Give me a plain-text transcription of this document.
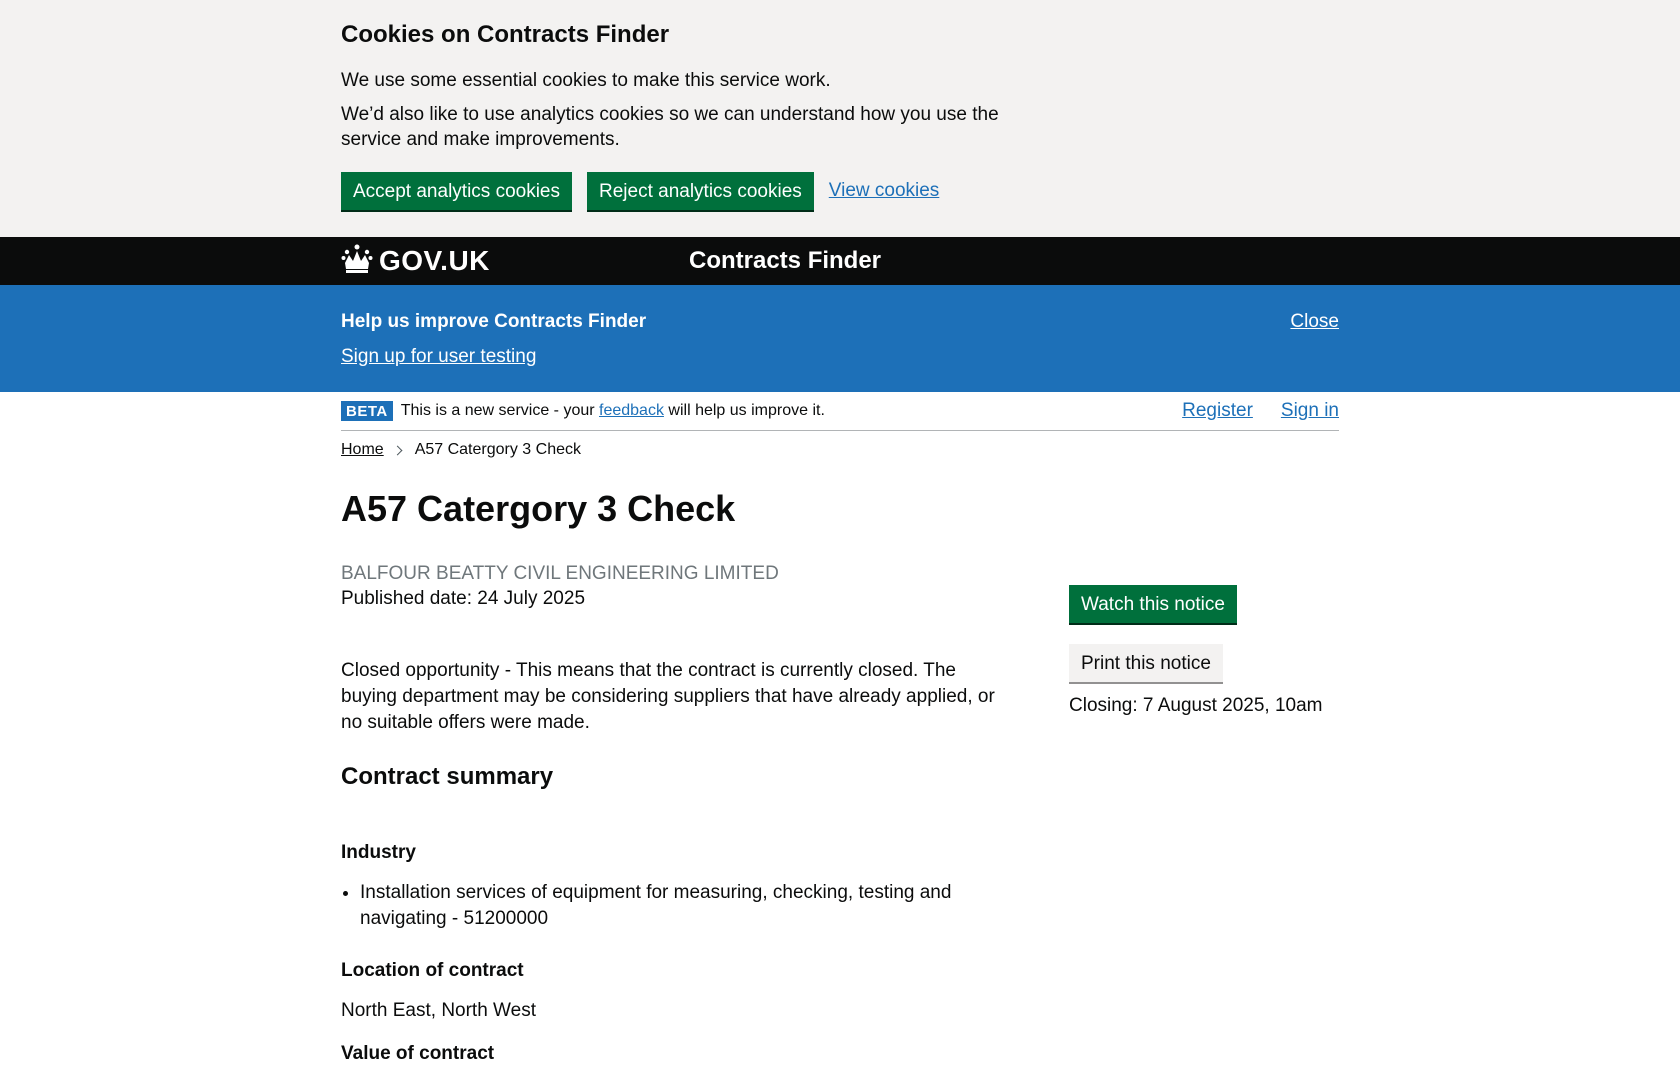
Cookies on Contracts Finder

We use some essential cookies to make this service work.

We’d also like to use analytics cookies so we can understand how you use the service and make improvements.

Accept analytics cookies	Reject analytics cookies	View cookies
GOV.UK	Contracts Finder
Help us improve Contracts Finder
Sign up for user testing
Close
BETA This is a new service - your feedback will help us improve it.	Register Sign in
Home A57 Catergory 3 Check
A57 Catergory 3 Check
BALFOUR BEATTY CIVIL ENGINEERING LIMITED
Published date: 24 July 2025
Closed opportunity - This means that the contract is currently closed. The buying department may be considering suppliers that have already applied, or no suitable offers were made.
Contract summary
Industry
• Installation services of equipment for measuring, checking, testing and navigating - 51200000
Location of contract
North East, North West
Value of contract
Watch this notice
Print this notice
Closing: 7 August 2025, 10am
